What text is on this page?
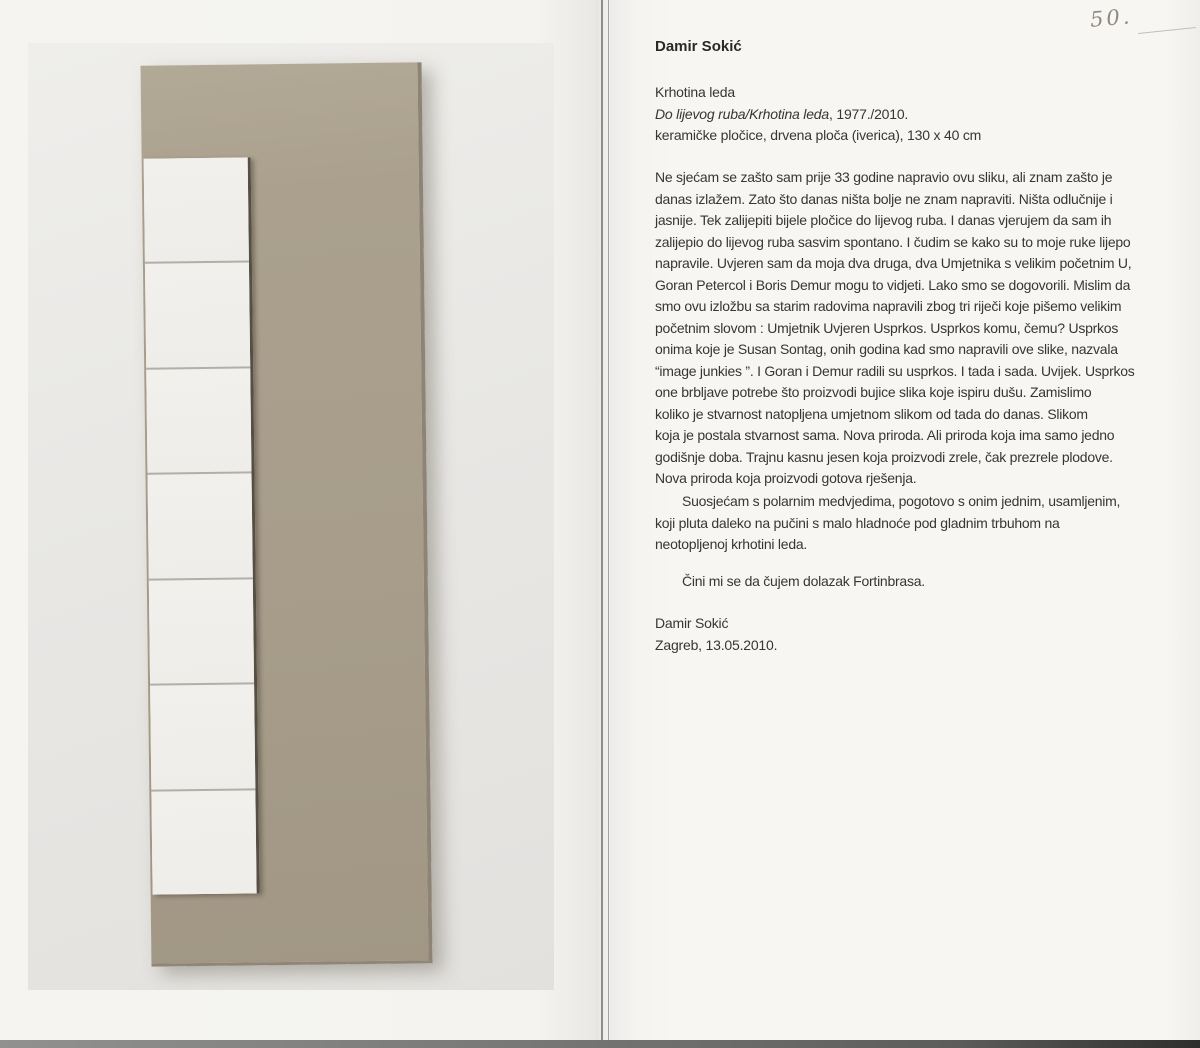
50.
Damir Sokić
Krhotina leda
Do lijevog ruba/Krhotina leda, 1977./2010.
keramičke pločice, drvena ploča (iverica), 130 x 40 cm
Ne sjećam se zašto sam prije 33 godine napravio ovu sliku, ali znam zašto je
danas izlažem. Zato što danas ništa bolje ne znam napraviti. Ništa odlučnije i
jasnije. Tek zalijepiti bijele pločice do lijevog ruba. I danas vjerujem da sam ih
zalijepio do lijevog ruba sasvim spontano. I čudim se kako su to moje ruke lijepo
napravile. Uvjeren sam da moja dva druga, dva Umjetnika s velikim početnim U,
Goran Petercol i Boris Demur mogu to vidjeti. Lako smo se dogovorili. Mislim da
smo ovu izložbu sa starim radovima napravili zbog tri riječi koje pišemo velikim
početnim slovom : Umjetnik Uvjeren Usprkos. Usprkos komu, čemu? Usprkos
onima koje je Susan Sontag, onih godina kad smo napravili ove slike, nazvala
“image junkies ”. I Goran i Demur radili su usprkos. I tada i sada. Uvijek. Usprkos
one brbljave potrebe što proizvodi bujice slika koje ispiru dušu. Zamislimo
koliko je stvarnost natopljena umjetnom slikom od tada do danas. Slikom
koja je postala stvarnost sama. Nova priroda. Ali priroda koja ima samo jedno
godišnje doba. Trajnu kasnu jesen koja proizvodi zrele, čak prezrele plodove.
Nova priroda koja proizvodi gotova rješenja.
Suosjećam s polarnim medvjedima, pogotovo s onim jednim, usamljenim,
koji pluta daleko na pučini s malo hladnoće pod gladnim trbuhom na
neotopljenoj krhotini leda.
Čini mi se da čujem dolazak Fortinbrasa.
Damir Sokić
Zagreb, 13.05.2010.
